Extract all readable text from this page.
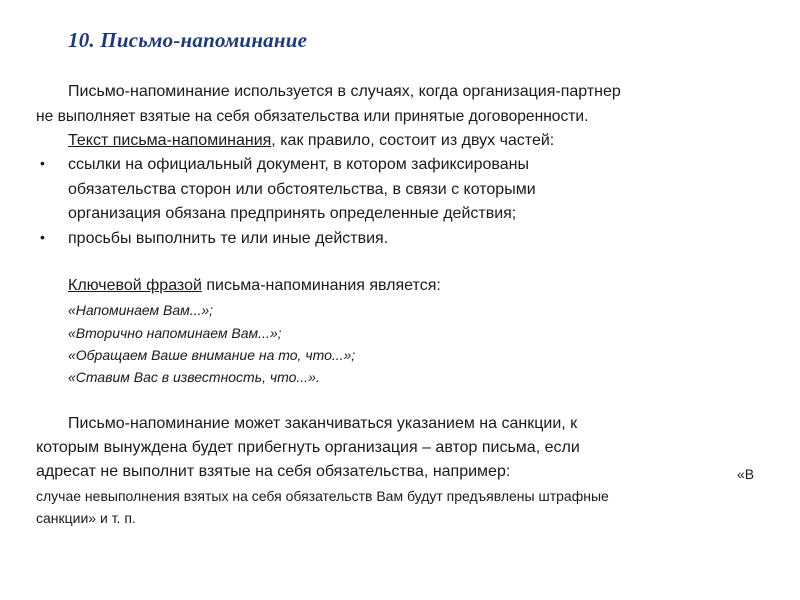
10. Письмо-напоминание
Письмо-напоминание используется в случаях, когда организация-партнер
не выполняет взятые на себя обязательства или принятые договоренности.
Текст письма-напоминания, как правило, состоит из двух частей:
• ссылки на официальный документ, в котором зафиксированы
обязательства сторон или обстоятельства, в связи с которыми
организация обязана предпринять определенные действия;
• просьбы выполнить те или иные действия.
Ключевой фразой письма-напоминания является:
«Напоминаем Вам...»;
«Вторично напоминаем Вам...»;
«Обращаем Ваше внимание на то, что...»;
«Ставим Вас в известность, что...».
Письмо-напоминание может заканчиваться указанием на санкции, к
которым вынуждена будет прибегнуть организация – автор письма, если
адресат не выполнит взятые на себя обязательства, например:	«В
случае невыполнения взятых на себя обязательств Вам будут предъявлены штрафные
санкции» и т. п.
